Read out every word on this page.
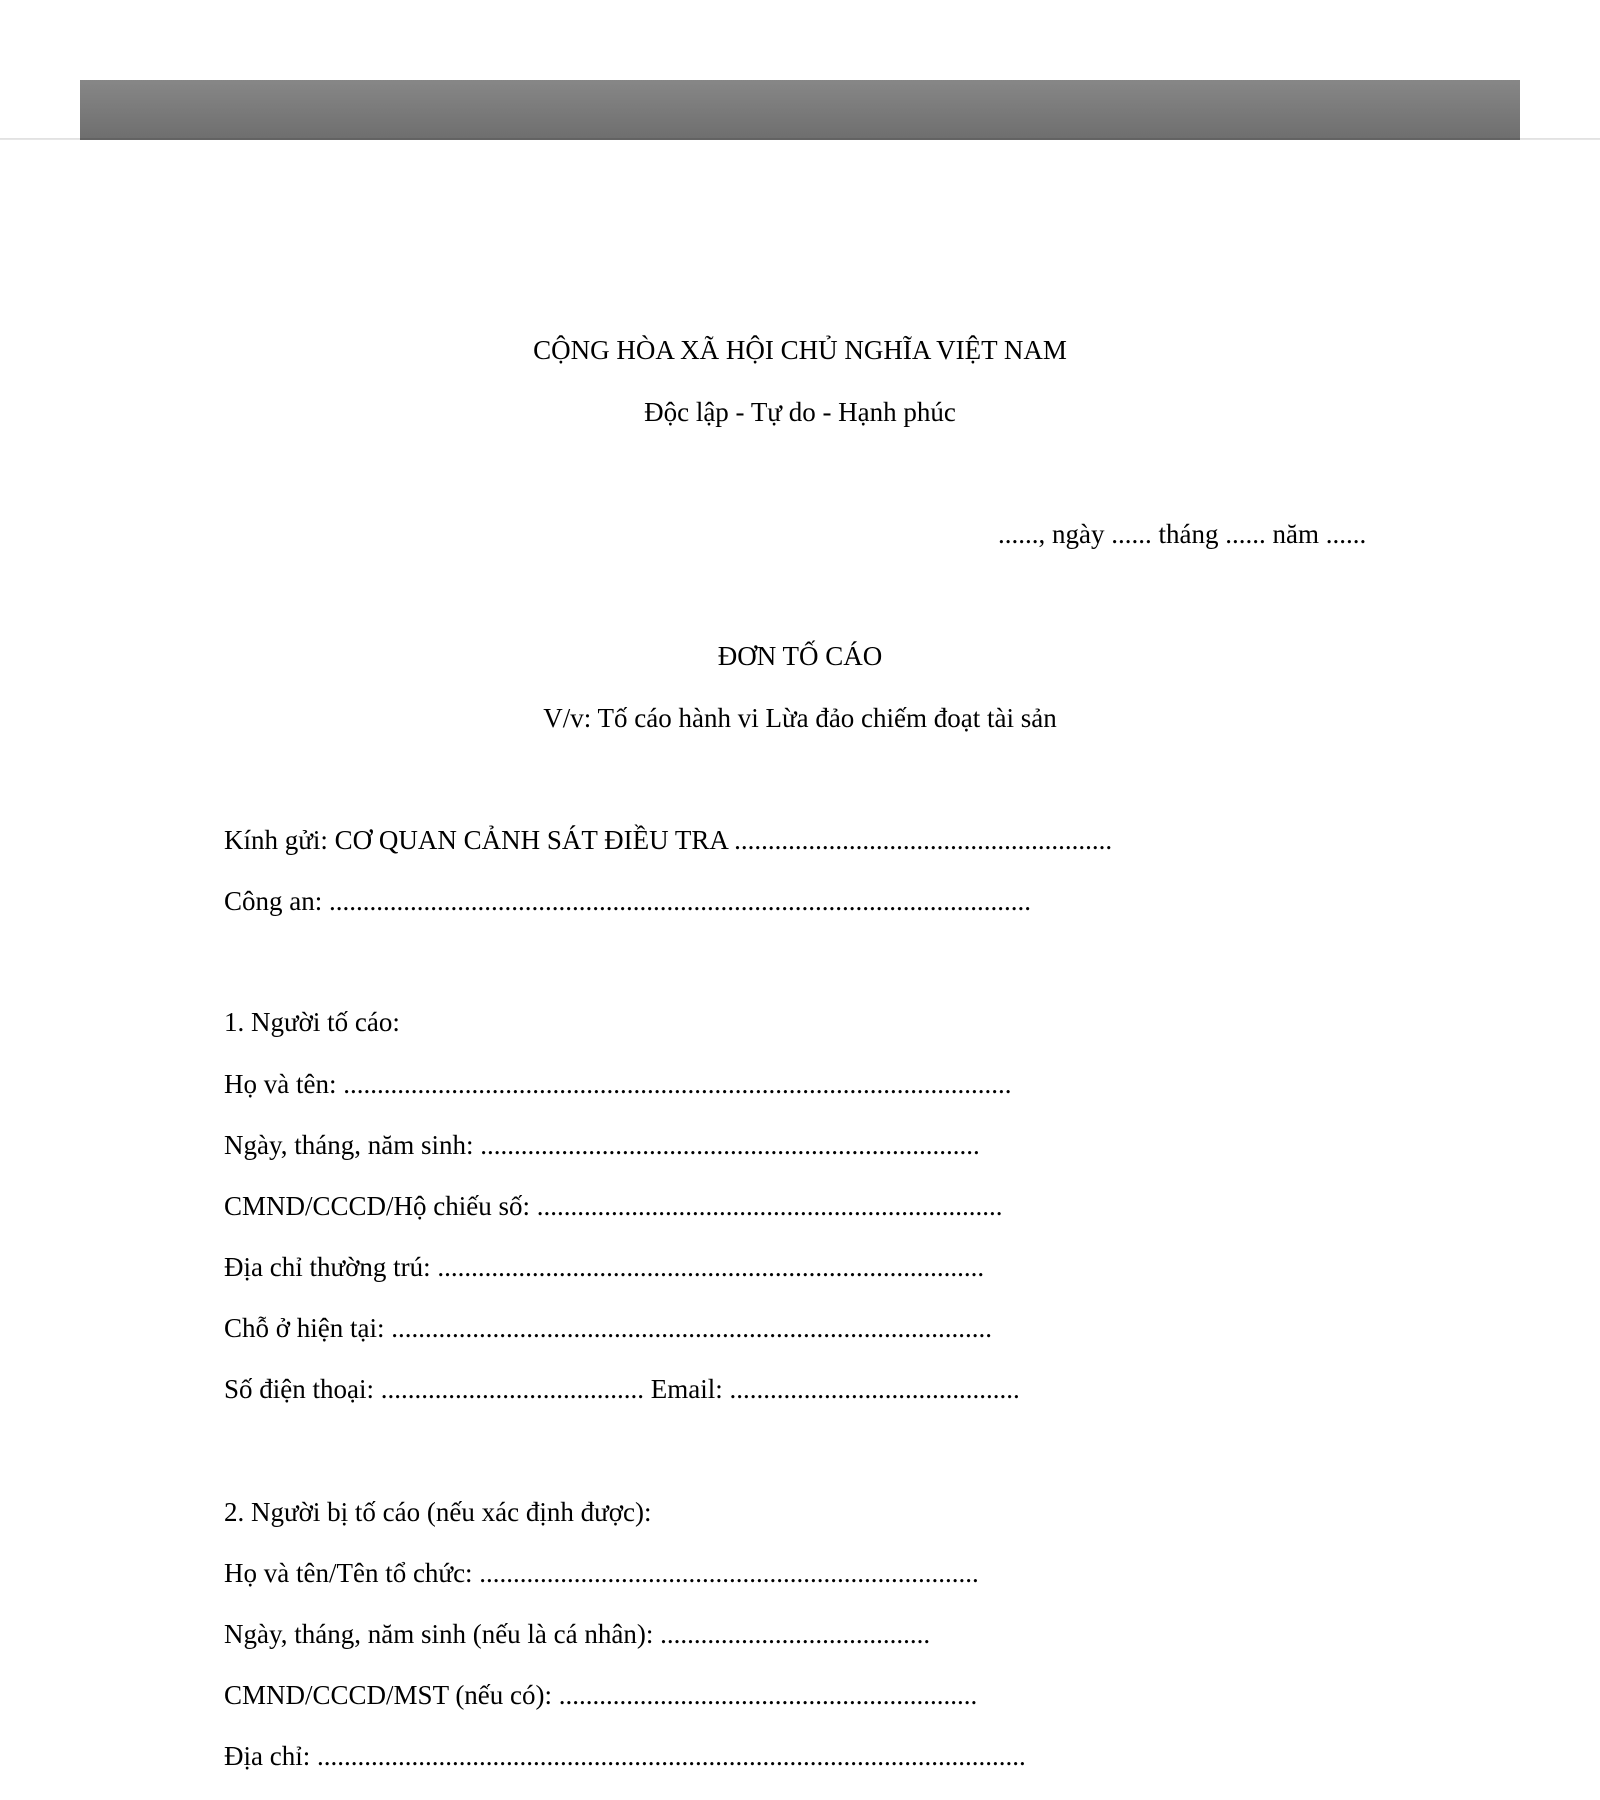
CỘNG HÒA XÃ HỘI CHỦ NGHĨA VIỆT NAM
Độc lập - Tự do - Hạnh phúc
......, ngày ...... tháng ...... năm ......
ĐƠN TỐ CÁO
V/v: Tố cáo hành vi Lừa đảo chiếm đoạt tài sản
Kính gửi: CƠ QUAN CẢNH SÁT ĐIỀU TRA ........................................................
Công an: ........................................................................................................
1. Người tố cáo:
Họ và tên: ...................................................................................................
Ngày, tháng, năm sinh: ..........................................................................
CMND/CCCD/Hộ chiếu số: .....................................................................
Địa chỉ thường trú: .................................................................................
Chỗ ở hiện tại: .........................................................................................
Số điện thoại: ....................................... Email: ...........................................
2. Người bị tố cáo (nếu xác định được):
Họ và tên/Tên tổ chức: ..........................................................................
Ngày, tháng, năm sinh (nếu là cá nhân): ........................................
CMND/CCCD/MST (nếu có): ..............................................................
Địa chỉ: .........................................................................................................
